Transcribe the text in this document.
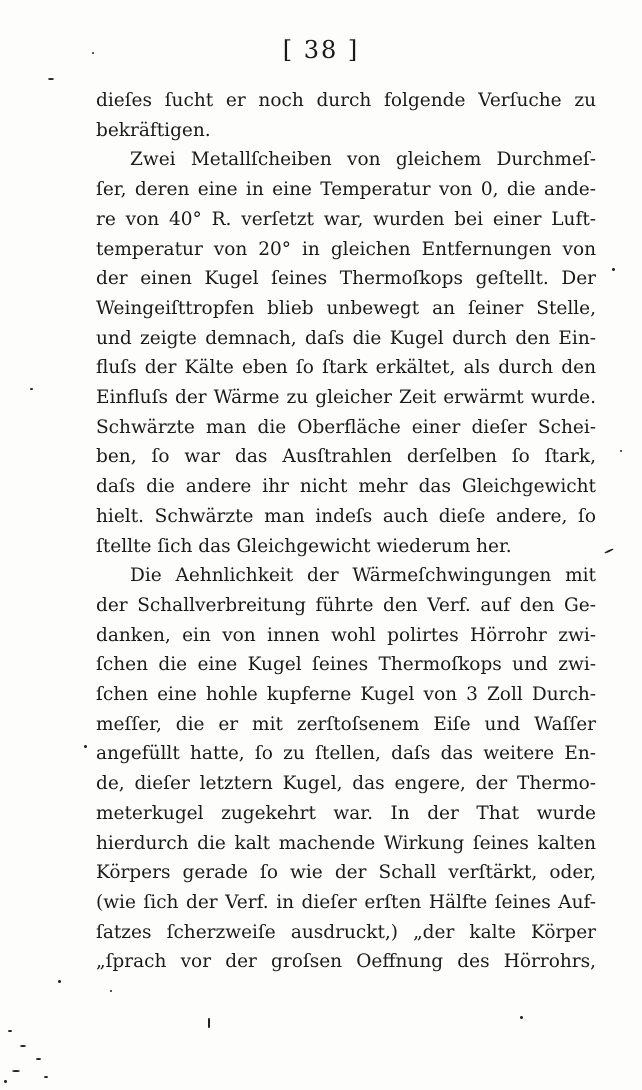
[ 38 ]
dieſes ſucht er noch durch folgende Verſuche zu
bekräftigen.
Zwei Metallſcheiben von gleichem Durchmeſ-
ſer, deren eine in eine Temperatur von 0, die ande-
re von 40° R. verſetzt war, wurden bei einer Luft-
temperatur von 20° in gleichen Entfernungen von
der einen Kugel ſeines Thermoſkops geſtellt. Der
Weingeiſttropfen blieb unbewegt an ſeiner Stelle,
und zeigte demnach, daſs die Kugel durch den Ein-
fluſs der Kälte eben ſo ſtark erkältet, als durch den
Einfluſs der Wärme zu gleicher Zeit erwärmt wurde.
Schwärzte man die Oberfläche einer dieſer Schei-
ben, ſo war das Ausſtrahlen derſelben ſo ſtark,
daſs die andere ihr nicht mehr das Gleichgewicht
hielt. Schwärzte man indeſs auch dieſe andere, ſo
ſtellte ſich das Gleichgewicht wiederum her.
Die Aehnlichkeit der Wärmeſchwingungen mit
der Schallverbreitung führte den Verf. auf den Ge-
danken, ein von innen wohl polirtes Hörrohr zwi-
ſchen die eine Kugel ſeines Thermoſkops und zwi-
ſchen eine hohle kupferne Kugel von 3 Zoll Durch-
meſſer, die er mit zerſtoſsenem Eiſe und Waſſer
angefüllt hatte, ſo zu ſtellen, daſs das weitere En-
de, dieſer letztern Kugel, das engere, der Thermo-
meterkugel zugekehrt war. In der That wurde
hierdurch die kalt machende Wirkung ſeines kalten
Körpers gerade ſo wie der Schall verſtärkt, oder,
(wie ſich der Verf. in dieſer erſten Hälfte ſeines Auf-
ſatzes ſcherzweiſe ausdruckt,) „der kalte Körper
„ſprach vor der groſsen Oeffnung des Hörrohrs,
